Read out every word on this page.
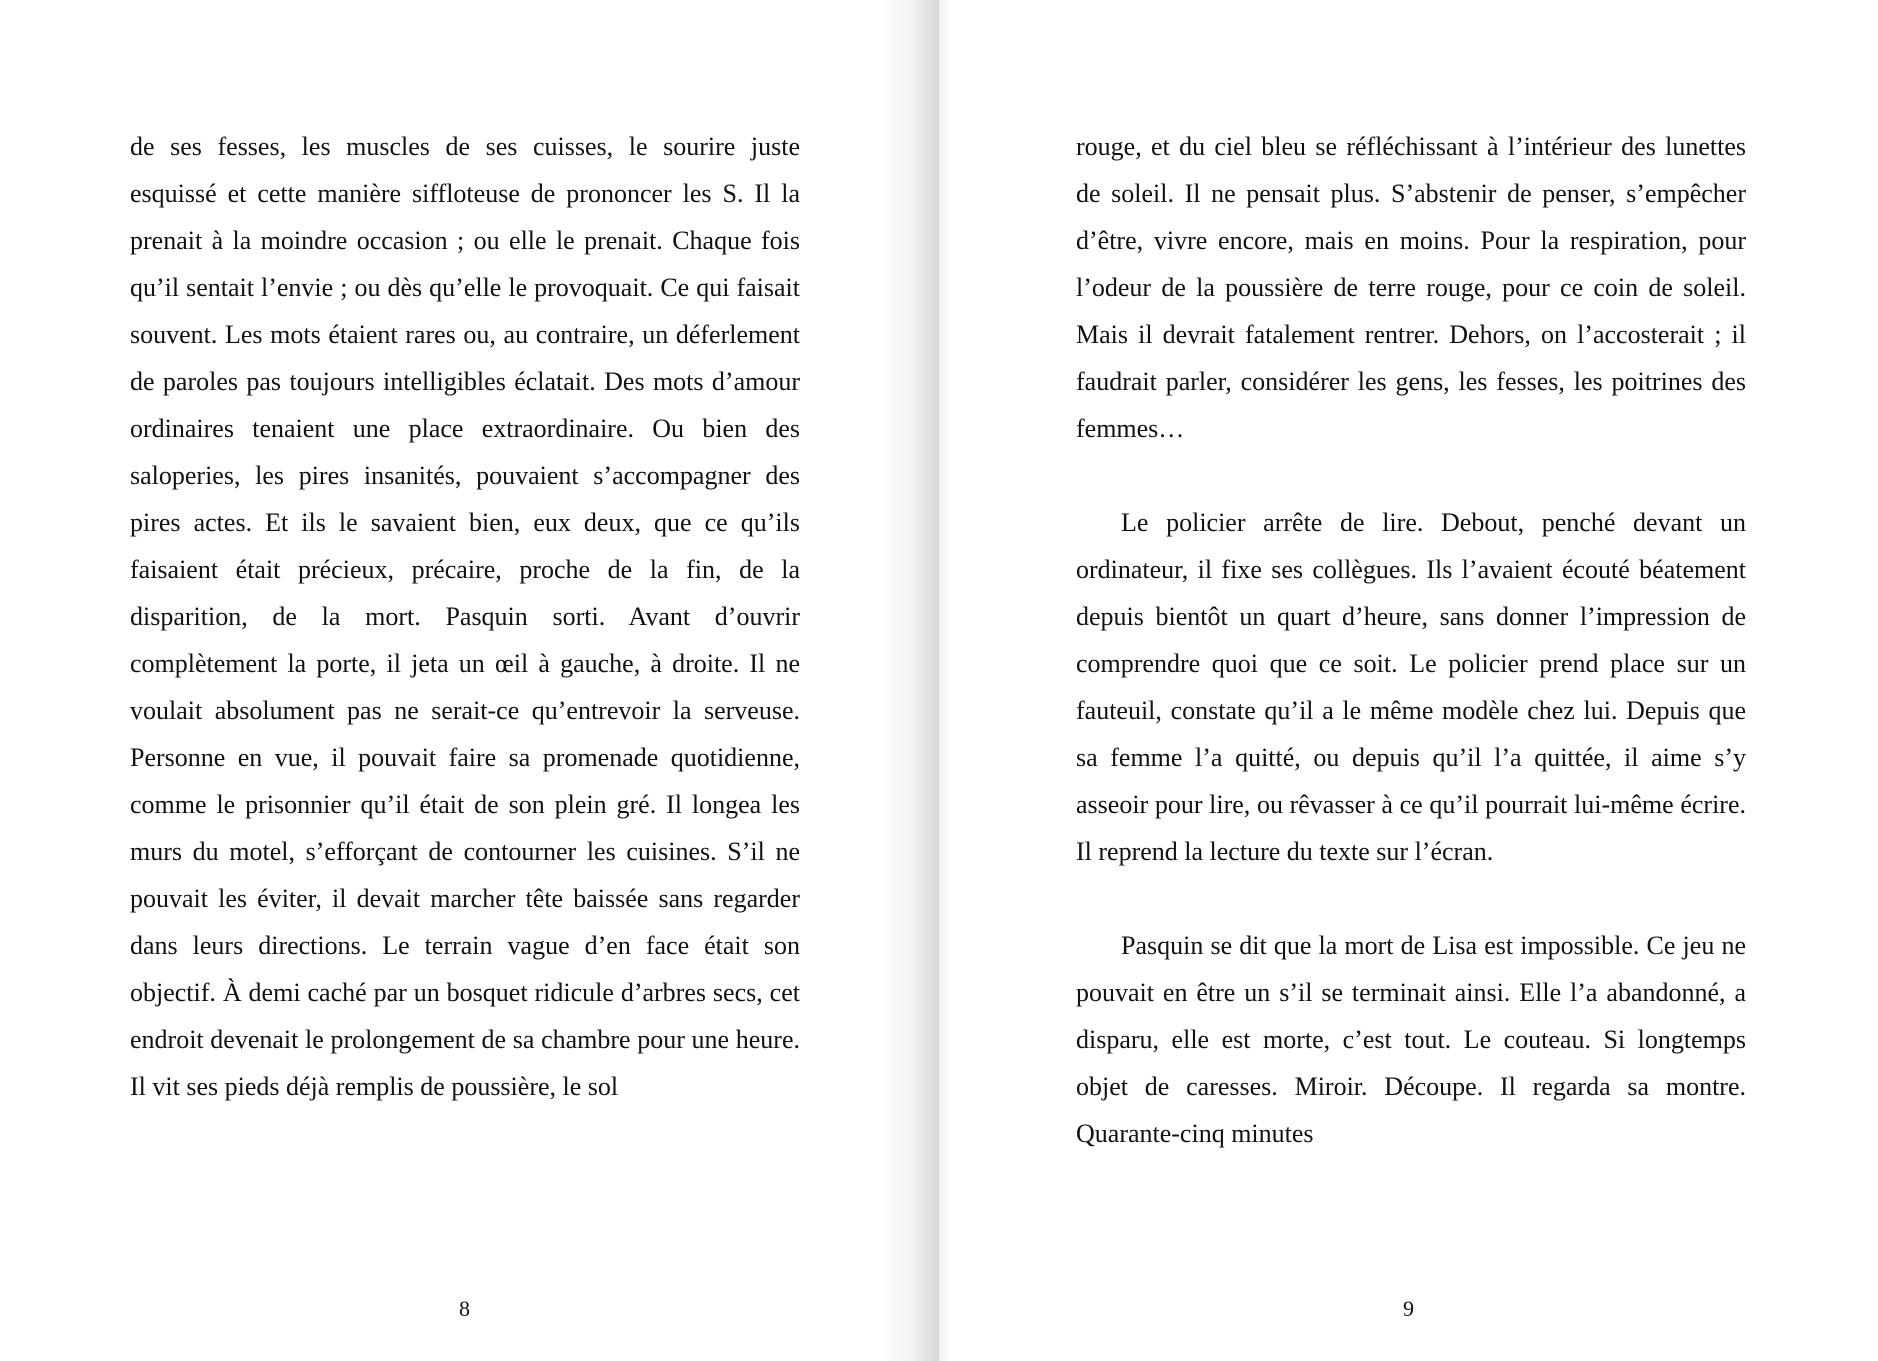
de ses fesses, les muscles de ses cuisses, le sourire juste esquissé et cette manière siffloteuse de prononcer les S. Il la prenait à la moindre occasion ; ou elle le prenait. Chaque fois qu’il sentait l’envie ; ou dès qu’elle le provoquait. Ce qui faisait souvent. Les mots étaient rares ou, au contraire, un déferlement de paroles pas toujours intelligibles éclatait. Des mots d’amour ordinaires tenaient une place extraordinaire. Ou bien des saloperies, les pires insanités, pouvaient s’accompagner des pires actes. Et ils le savaient bien, eux deux, que ce qu’ils faisaient était précieux, précaire, proche de la fin, de la disparition, de la mort. Pasquin sorti. Avant d’ouvrir complètement la porte, il jeta un œil à gauche, à droite. Il ne voulait absolument pas ne serait-ce qu’entrevoir la serveuse. Personne en vue, il pouvait faire sa promenade quotidienne, comme le prisonnier qu’il était de son plein gré. Il longea les murs du motel, s’efforçant de contourner les cuisines. S’il ne pouvait les éviter, il devait marcher tête baissée sans regarder dans leurs directions. Le terrain vague d’en face était son objectif. À demi caché par un bosquet ridicule d’arbres secs, cet endroit devenait le prolongement de sa chambre pour une heure. Il vit ses pieds déjà remplis de poussière, le sol

8

rouge, et du ciel bleu se réfléchissant à l’intérieur des lunettes de soleil. Il ne pensait plus. S’abstenir de penser, s’empêcher d’être, vivre encore, mais en moins. Pour la respiration, pour l’odeur de la poussière de terre rouge, pour ce coin de soleil. Mais il devrait fatalement rentrer. Dehors, on l’accosterait ; il faudrait parler, considérer les gens, les fesses, les poitrines des femmes…

Le policier arrête de lire. Debout, penché devant un ordinateur, il fixe ses collègues. Ils l’avaient écouté béatement depuis bientôt un quart d’heure, sans donner l’impression de comprendre quoi que ce soit. Le policier prend place sur un fauteuil, constate qu’il a le même modèle chez lui. Depuis que sa femme l’a quitté, ou depuis qu’il l’a quittée, il aime s’y asseoir pour lire, ou rêvasser à ce qu’il pourrait lui-même écrire. Il reprend la lecture du texte sur l’écran.

Pasquin se dit que la mort de Lisa est impossible. Ce jeu ne pouvait en être un s’il se terminait ainsi. Elle l’a abandonné, a disparu, elle est morte, c’est tout. Le couteau. Si longtemps objet de caresses. Miroir. Découpe. Il regarda sa montre. Quarante-cinq minutes

9
